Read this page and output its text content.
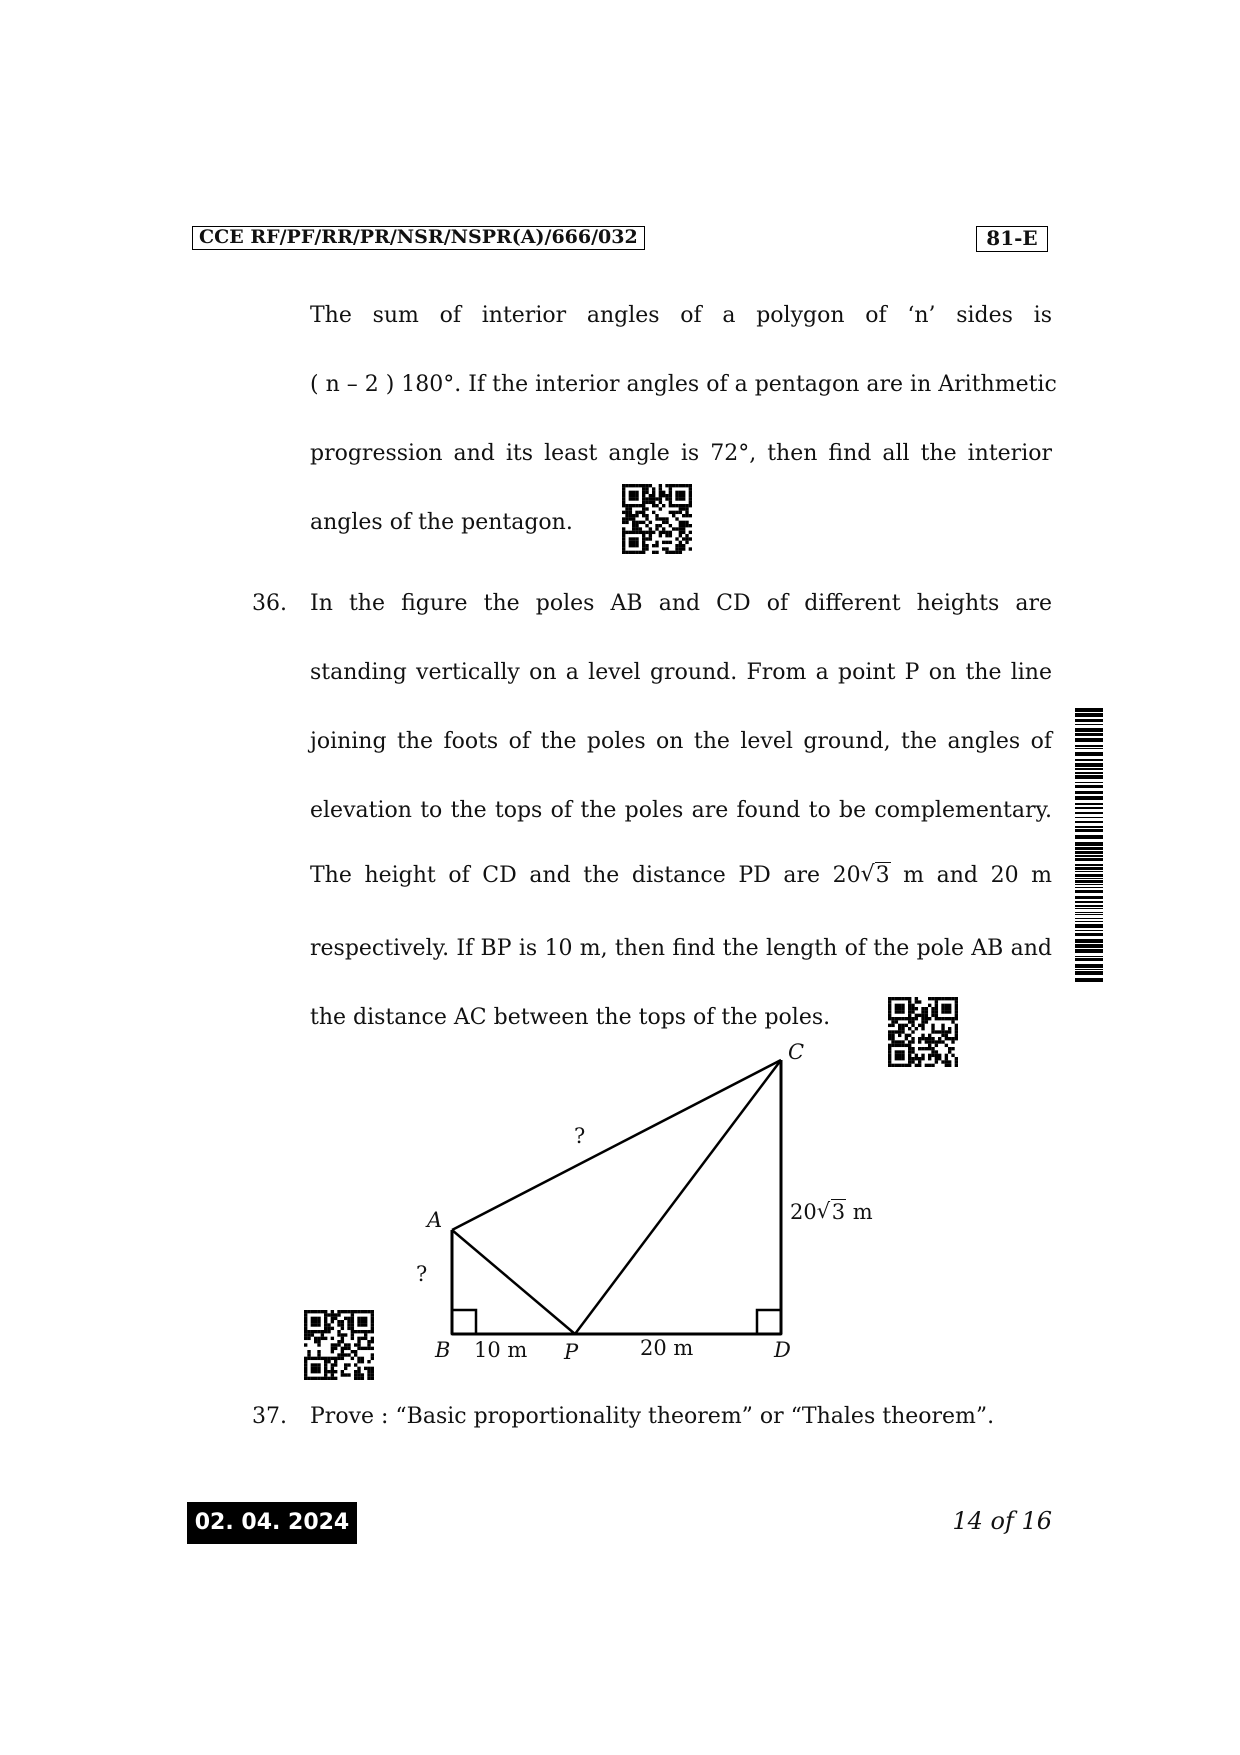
CCE RF/PF/RR/PR/NSR/NSPR(A)/666/032	81-E
The sum of interior angles of a polygon of ‘n’ sides is
( n – 2 ) 180°. If the interior angles of a pentagon are in Arithmetic
progression and its least angle is 72°, then find all the interior
angles of the pentagon.
36. In the figure the poles AB and CD of different heights are
standing vertically on a level ground. From a point P on the line
joining the foots of the poles on the level ground, the angles of
elevation to the tops of the poles are found to be complementary.
The height of CD and the distance PD are 20 √ 3 m and 20 m
respectively. If BP is 10 m, then find the length of the pole AB and
the distance AC between the tops of the poles.
A
C
B	P	D
10 m	20 m
20 √ 3 m
?
?
37. Prove : “Basic proportionality theorem” or “Thales theorem”.
02. 04. 2024	14 of 16
